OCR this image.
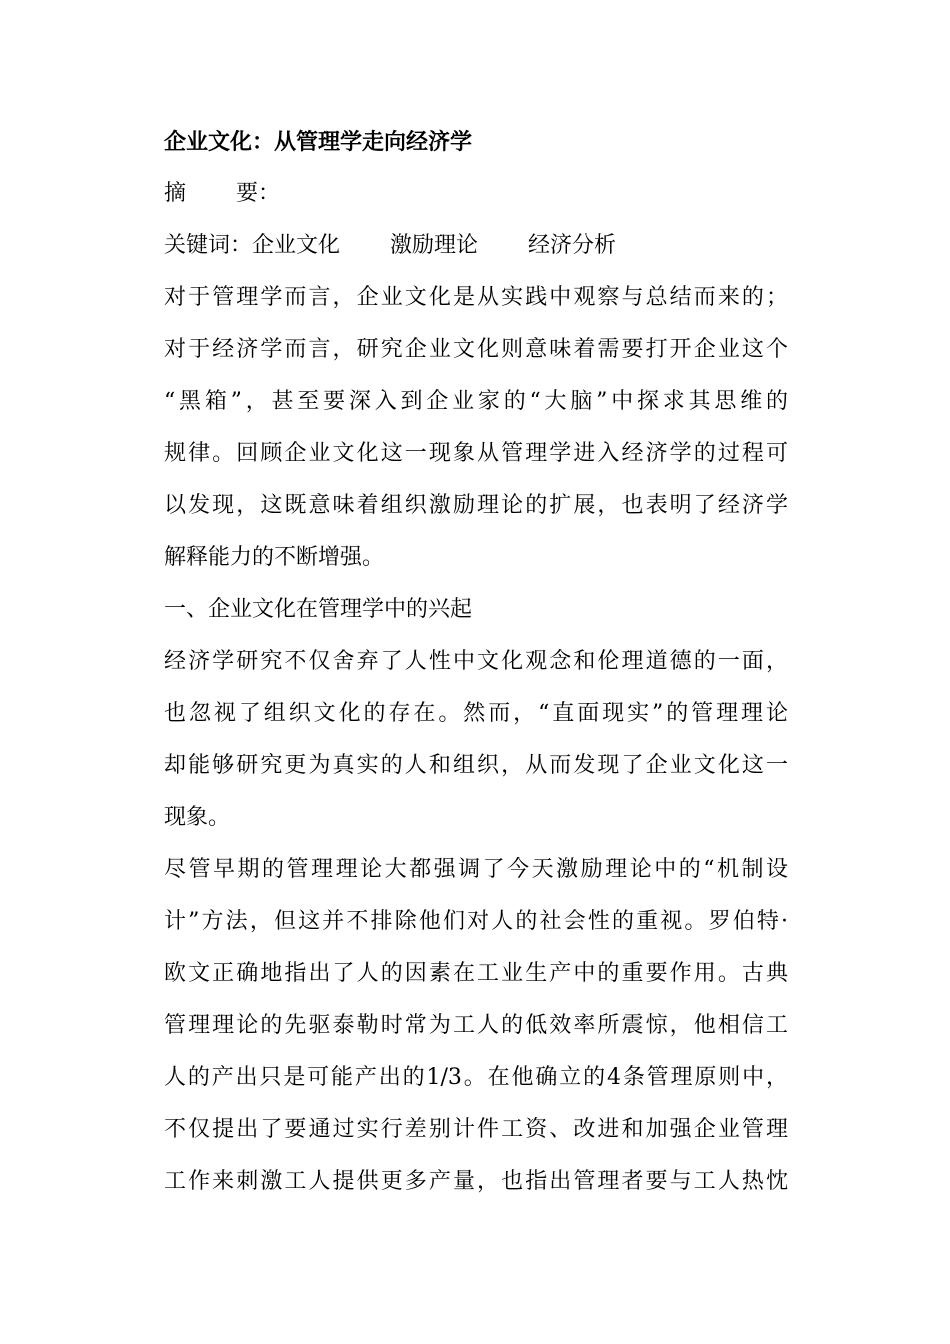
企业文化：从管理学走向经济学

摘 要：

关键词：企业文化 激励理论 经济分析

对于管理学而言，企业文化是从实践中观察与总结而来的；
对于经济学而言，研究企业文化则意味着需要打开企业这个
“黑箱”，甚至要深入到企业家的“大脑”中探求其思维的
规律。回顾企业文化这一现象从管理学进入经济学的过程可
以发现，这既意味着组织激励理论的扩展，也表明了经济学
解释能力的不断增强。

一、企业文化在管理学中的兴起

经济学研究不仅舍弃了人性中文化观念和伦理道德的一面，
也忽视了组织文化的存在。然而，“直面现实”的管理理论
却能够研究更为真实的人和组织，从而发现了企业文化这一
现象。
尽管早期的管理理论大都强调了今天激励理论中的“机制设
计”方法，但这并不排除他们对人的社会性的重视。罗伯特·
欧文正确地指出了人的因素在工业生产中的重要作用。古典
管理理论的先驱泰勒时常为工人的低效率所震惊，他相信工
人的产出只是可能产出的1/3。在他确立的4条管理原则中，
不仅提出了要通过实行差别计件工资、改进和加强企业管理
工作来刺激工人提供更多产量，也指出管理者要与工人热忱
